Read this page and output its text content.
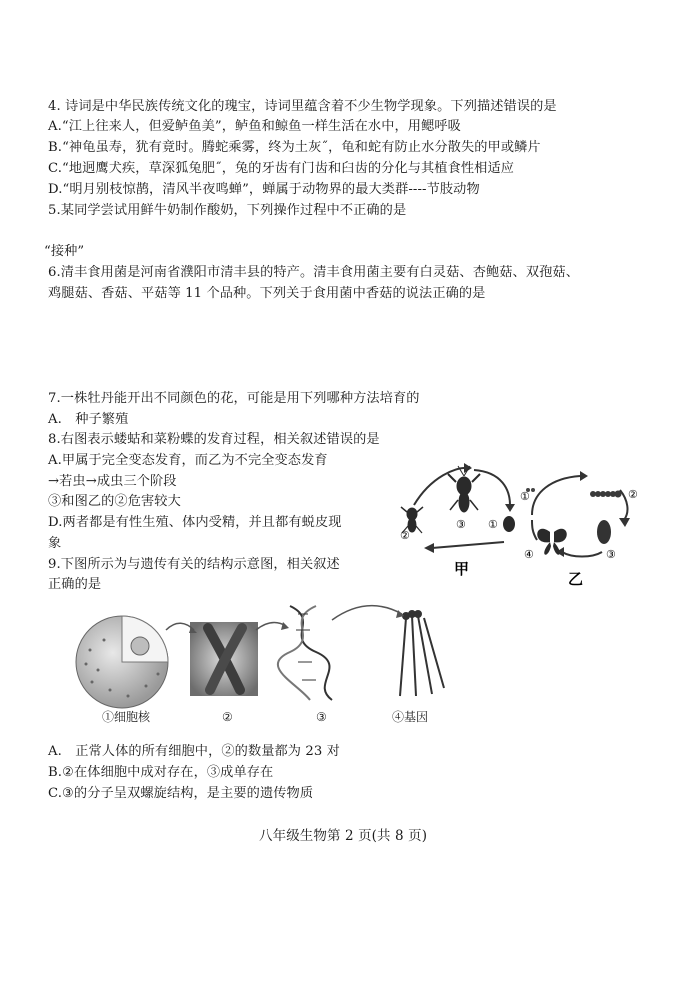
4. 诗词是中华民族传统文化的瑰宝，诗词里蕴含着不少生物学现象。下列描述错误的是
A.“江上往来人，但爱鲈鱼美”，鲈鱼和鲸鱼一样生活在水中，用鳃呼吸
B.“神龟虽寿，犹有竟时。腾蛇乘雾，终为土灰˝，龟和蛇有防止水分散失的甲或鳞片
C.“地迥鹰犬疾，草深狐兔肥˝，兔的牙齿有门齿和臼齿的分化与其植食性相适应
D.“明月别枝惊鹊，清风半夜鸣蝉”，蝉属于动物界的最大类群----节肢动物
5.某同学尝试用鲜牛奶制作酸奶，下列操作过程中不正确的是
“接种”
6.清丰食用菌是河南省濮阳市清丰县的特产。清丰食用菌主要有白灵菇、杏鲍菇、双孢菇、
鸡腿菇、香菇、平菇等 11 个品种。下列关于食用菌中香菇的说法正确的是
7.一株牡丹能开出不同颜色的花，可能是用下列哪种方法培育的
A.　种子繁殖
8.右图表示蝼蛄和菜粉蝶的发育过程，相关叙述错误的是
A.甲属于完全变态发育，而乙为不完全变态发育
→若虫→成虫三个阶段
③和图乙的②危害较大
D.两者都是有性生殖、体内受精，并且都有蜕皮现
象
②
③ ①
甲
①	②
③
④
乙
9.下图所示为与遗传有关的结构示意图，相关叙述
正确的是
①细胞核	②	③	④基因
A.　正常人体的所有细胞中，②的数量都为 23 对
B.②在体细胞中成对存在，③成单存在
C.③的分子呈双螺旋结构，是主要的遗传物质
八年级生物第 2 页(共 8 页)
